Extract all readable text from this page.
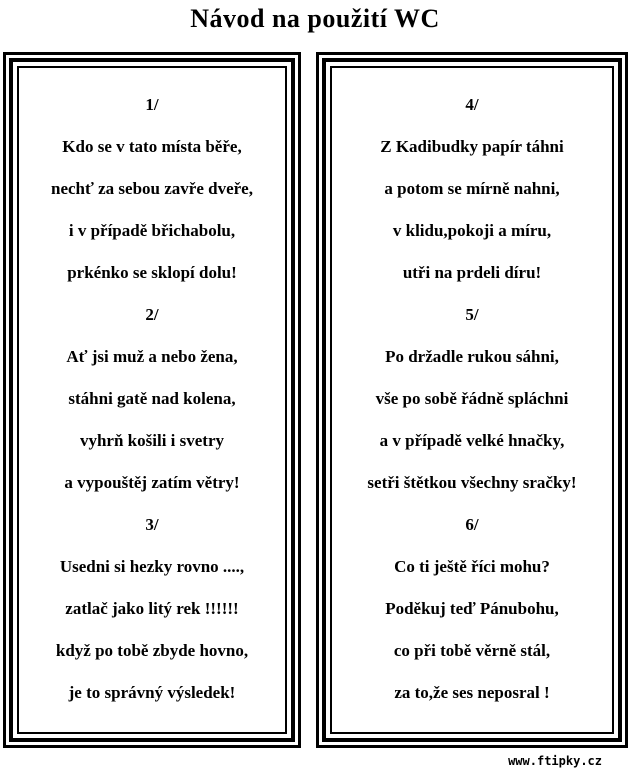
Návod na použití WC
1/
Kdo se v tato místa běře,
nechť za sebou zavře dveře,
i v případě břichabolu,
prkénko se sklopí dolu!
2/
Ať jsi muž a nebo žena,
stáhni gatě nad kolena,
vyhrň košili i svetry
a vypouštěj zatím větry!
3/
Usedni si hezky rovno ....,
zatlač jako litý rek !!!!!!
když po tobě zbyde hovno,
je to správný výsledek!
4/
Z Kadibudky papír táhni
a potom se mírně nahni,
v klidu,pokoji a míru,
utři na prdeli díru!
5/
Po držadle rukou sáhni,
vše po sobě řádně spláchni
a v případě velké hnačky,
setři štětkou všechny sračky!
6/
Co ti ještě říci mohu?
Poděkuj teď Pánubohu,
co při tobě věrně stál,
za to,že ses neposral !
www.ftipky.cz
